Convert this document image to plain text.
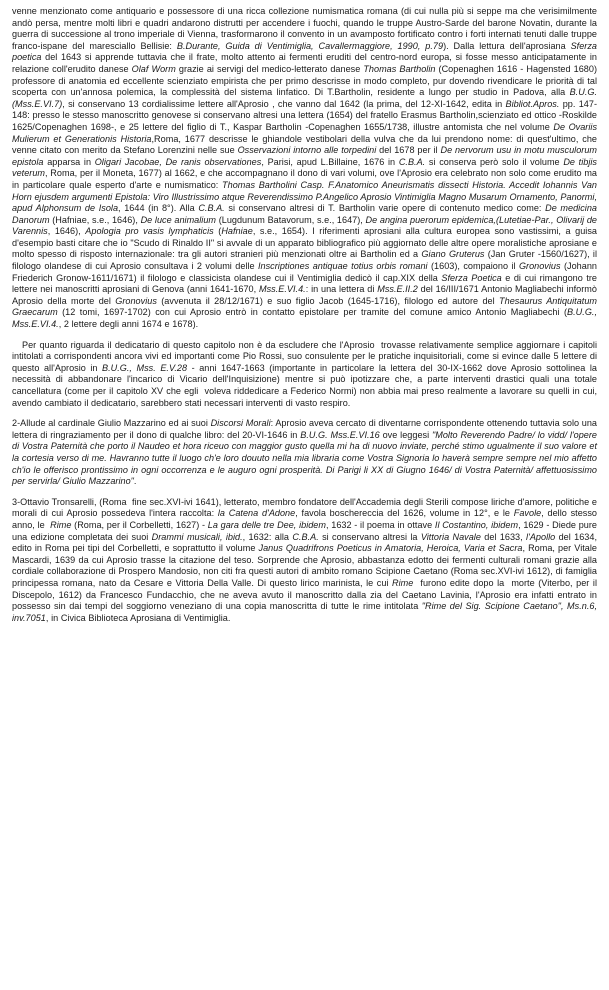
venne menzionato come antiquario e possessore di una ricca collezione numismatica romana (di cui nulla più si seppe ma che verisimilmente andò persa, mentre molti libri e quadri andarono distrutti per accendere i fuochi, quando le truppe Austro-Sarde del barone Novatin, durante la guerra di successione al trono imperiale di Vienna, trasformarono il convento in un avamposto fortificato contro i forti internati tenuti dalle truppe franco-ispane del maresciallo Bellisie: B.Durante, Guida di Ventimiglia, Cavallermaggiore, 1990, p.79). Dalla lettura dell'aprosiana Sferza poetica del 1643 si apprende tuttavia che il frate, molto attento ai fermenti eruditi del centro-nord europa, si fosse messo anticipatamente in relazione coll'erudito danese Olaf Worm grazie ai servigi del medico-letterato danese Thomas Bartholin (Copenaghen 1616 - Hagensted 1680) professore di anatomia ed eccellente scienziato empirista che per primo descrisse in modo completo, pur dovendo rivendicare le priorità di tal scoperta con un'annosa polemica, la complessità del sistema linfatico. Di T.Bartholin, residente a lungo per studio in Padova, alla B.U.G. (Mss.E.VI.7), si conservano 13 cordialissime lettere all'Aprosio , che vanno dal 1642 (la prima, del 12-XI-1642, edita in Bibliot.Apros. pp. 147-148: presso le stesso manoscritto genovese si conservano altresi una lettera (1654) del fratello Erasmus Bartholin,scienziato ed ottico -Roskilde 1625/Copenaghen 1698-, e 25 lettere del figlio di T., Kaspar Bartholin -Copenaghen 1655/1738, illustre antomista che nel volume De Ovariis Mulierum et Generationis Historia,Roma, 1677 descrisse le ghiandole vestibolari della vulva che da lui prendono nome: di quest'ultimo, che venne citato con merito da Stefano Lorenzini nelle sue Osservazioni intorno alle torpedini del 1678 per il De nervorum usu in motu musculorum epistola apparsa in Oligari Jacobae, De ranis observationes, Parisi, apud L.Billaine, 1676 in C.B.A. si conserva però solo il volume De tibjis veterum, Roma, per il Moneta, 1677) al 1662, e che accompagnano il dono di vari volumi, ove l'Aprosio era celebrato non solo come erudito ma in particolare quale esperto d'arte e numismatico: Thomas Bartholini Casp. F.Anatomico Aneurismatis dissecti Historia. Accedit Iohannis Van Horn ejusdem argumenti Epistola: Viro Illustrissimo atque Reverendissimo P.Angelico Aprosio Vintimiglia Magno Musarum Ornamento, Panormi, apud Alphonsum de Isola, 1644 (in 8°). Alla C.B.A. si conservano altresi di T. Bartholin varie opere di contenuto medico come: De medicina Danorum (Hafniae, s.e., 1646), De luce animalium (Lugdunum Batavorum, s.e., 1647), De angina puerorum epidemica,(Lutetiae-Par., Olivarij de Varennis, 1646), Apologia pro vasis lymphaticis (Hafniae, s.e., 1654). I riferimenti aprosiani alla cultura europea sono vastissimi, a guisa d'esempio basti citare che io "Scudo di Rinaldo II" si avvale di un apparato bibliografico più aggiornato delle altre opere moralistiche aprosiane e molto spesso di risposto internazionale: tra gli autori stranieri più menzionati oltre ai Bartholin ed a Giano Gruterus (Jan Gruter -1560/1627), il filologo olandese di cui Aprosio consultava i 2 volumi delle Inscriptiones antiquae totius orbis romani (1603), compaiono il Gronovius (Johann Friederich Gronow-1611/1671) il filologo e classicista olandese cui il Ventimiglia dedicò il cap.XIX della Sferza Poetica e di cui rimangono tre lettere nei manoscritti aprosiani di Genova (anni 1641-1670, Mss.E.VI.4.: in una lettera di Mss.E.II.2 del 16/III/1671 Antonio Magliabechi informò Aprosio della morte del Gronovius (avvenuta il 28/12/1671) e suo figlio Jacob (1645-1716), filologo ed autore del Thesaurus Antiquitatum Graecarum (12 tomi, 1697-1702) con cui Aprosio entrò in contatto epistolare per tramite del comune amico Antonio Magliabechi (B.U.G., Mss.E.VI.4., 2 lettere degli anni 1674 e 1678).

Per quanto riguarda il dedicatario di questo capitolo non è da escludere che l'Aprosio  trovasse relativamente semplice aggiornare i capitoli intitolati a corrispondenti ancora vivi ed importanti come Pio Rossi, suo consulente per le pratiche inquisitoriali, come si evince dalle 5 lettere di questo all'Aprosio in B.U.G., Mss. E.V.28 - anni 1647-1663 (importante in particolare la lettera del 30-IX-1662 dove Aprosio sottolinea la necessità di abbandonare l'incarico di Vicario dell'Inquisizione) mentre si può ipotizzare che, a parte interventi drastici quali una totale cancellatura (come per il capitolo XV che egli  voleva riddedicare a Federico Normi) non abbia mai preso realmente a lavorare su quelli in cui, avendo cambiato il dedicatario, sarebbero stati necessari interventi di vasto respiro.

2-Allude al cardinale Giulio Mazzarino ed ai suoi Discorsi Morali: Aprosio aveva cercato di diventarne corrispondente ottenendo tuttavia solo una lettera di ringraziamento per il dono di qualche libro: del 20-VI-1646 in B.U.G. Mss.E.VI.16 ove leggesi "Molto Reverendo Padre/ lo vidd/ l'opere di Vostra Paternità che porto il Naudeo et hora riceuo con maggior gusto quella mi ha di nuovo inviate, perché stimo ugualmente il suo valore et la cortesia verso di me. Havranno tutte il luogo ch'e loro douuto nella mia libraria come Vostra Signoria lo haverà sempre sempre nel mio affetto ch'io le offerisco prontissimo in ogni occorrenza e le auguro ogni prosperità. Di Parigi li XX di Giugno 1646/ di Vostra Paternità/ affettuosissimo per servirla/ Giulio Mazzarino".

3-Ottavio Tronsarelli, (Roma  fine sec.XVI-ivi 1641), letterato, membro fondatore dell'Accademia degli Sterili compose liriche d'amore, politiche e morali di cui Aprosio possedeva l'intera raccolta: la Catena d'Adone, favola boschereccia del 1626, volume in 12°, e le Favole, dello stesso anno, le  Rime (Roma, per il Corbelletti, 1627) - La gara delle tre Dee, ibidem, 1632 - il poema in ottave Il Costantino, ibidem, 1629 - Diede pure una edizione completata dei suoi Drammi musicali, ibid., 1632: alla C.B.A. si conservano altresi la Vittoria Navale del 1633, l'Apollo del 1634, edito in Roma pei tipi del Corbelletti, e soprattutto il volume Janus Quadrifrons Poeticus in Amatoria, Heroica, Varia et Sacra, Roma, per Vitale Mascardi, 1639 da cui Aprosio trasse la citazione del teso. Sorprende che Aprosio, abbastanza edotto dei fermenti culturali romani grazie alla cordiale collaborazione di Prospero Mandosio, non citi fra questi autori di ambito romano Scipione Caetano (Roma sec.XVI-ivi 1612), di famiglia principessa romana, nato da Cesare e Vittoria Della Valle. Di questo lirico marinista, le cui Rime  furono edite dopo la  morte (Viterbo, per il Discepolo, 1612) da Francesco Fundacchio, che ne aveva avuto il manoscritto dalla zia del Caetano Lavinia, l'Aprosio era infatti entrato in possesso sin dai tempi del soggiorno veneziano di una copia manoscritta di tutte le rime intitolata "Rime del Sig. Scipione Caetano", Ms.n.6, inv.7051, in Civica Biblioteca Aprosiana di Ventimiglia.
